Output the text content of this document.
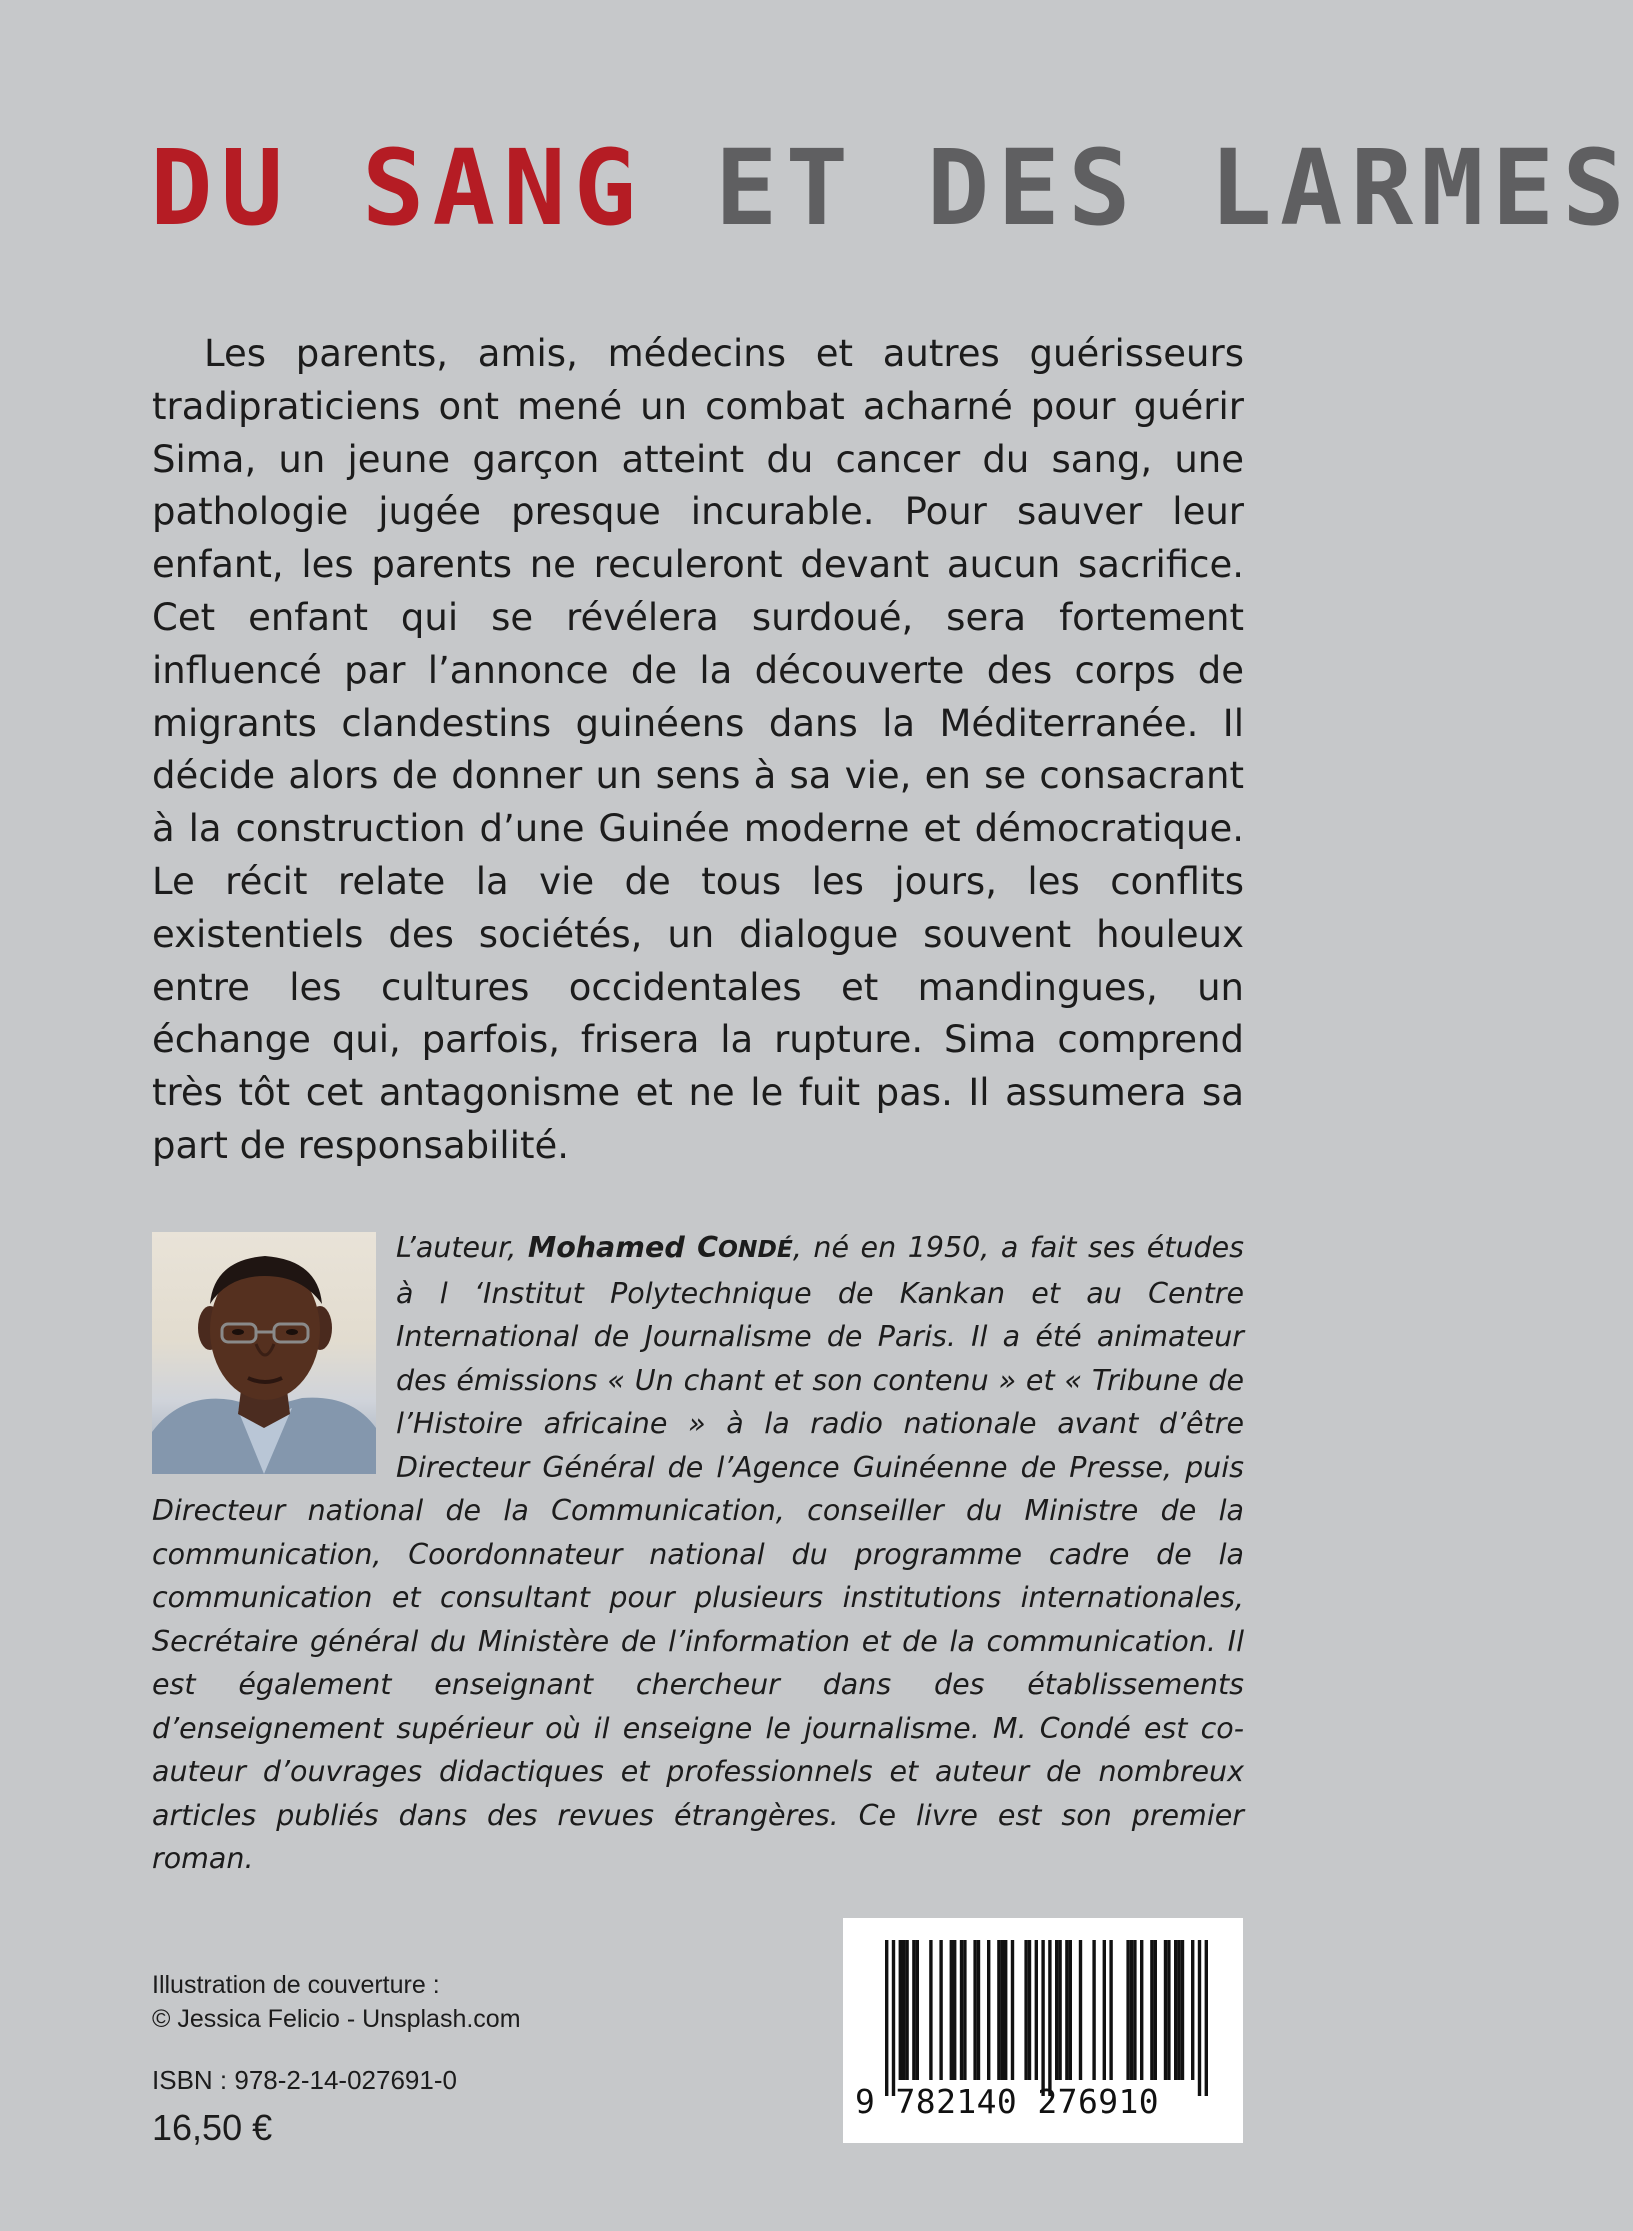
DU SANG ET DES LARMES

Les parents, amis, médecins et autres guérisseurs tradipraticiens ont mené un combat acharné pour guérir Sima, un jeune garçon atteint du cancer du sang, une pathologie jugée presque incurable. Pour sauver leur enfant, les parents ne reculeront devant aucun sacrifice. Cet enfant qui se révélera surdoué, sera fortement influencé par l’annonce de la découverte des corps de migrants clandestins guinéens dans la Méditerranée. Il décide alors de donner un sens à sa vie, en se consacrant à la construction d’une Guinée moderne et démocratique. Le récit relate la vie de tous les jours, les conflits existentiels des sociétés, un dialogue souvent houleux entre les cultures occidentales et mandingues, un échange qui, parfois, frisera la rupture. Sima comprend très tôt cet antagonisme et ne le fuit pas. Il assumera sa part de responsabilité.

L’auteur, Mohamed CONDÉ, né en 1950, a fait ses études à l ‘Institut Polytechnique de Kankan et au Centre International de Journalisme de Paris. Il a été animateur des émissions « Un chant et son contenu » et « Tribune de l’Histoire africaine » à la radio nationale avant d’être Directeur Général de l’Agence Guinéenne de Presse, puis Directeur national de la Communication, conseiller du Ministre de la communication, Coordonnateur national du programme cadre de la communication et consultant pour plusieurs institutions internationales, Secrétaire général du Ministère de l’information et de la communication. Il est également enseignant chercheur dans des établissements d’enseignement supérieur où il enseigne le journalisme. M. Condé est co-auteur d’ouvrages didactiques et professionnels et auteur de nombreux articles publiés dans des revues étrangères. Ce livre est son premier roman.

Illustration de couverture :
© Jessica Felicio - Unsplash.com
ISBN : 978-2-14-027691-0
16,50 €
9 782140 276910
